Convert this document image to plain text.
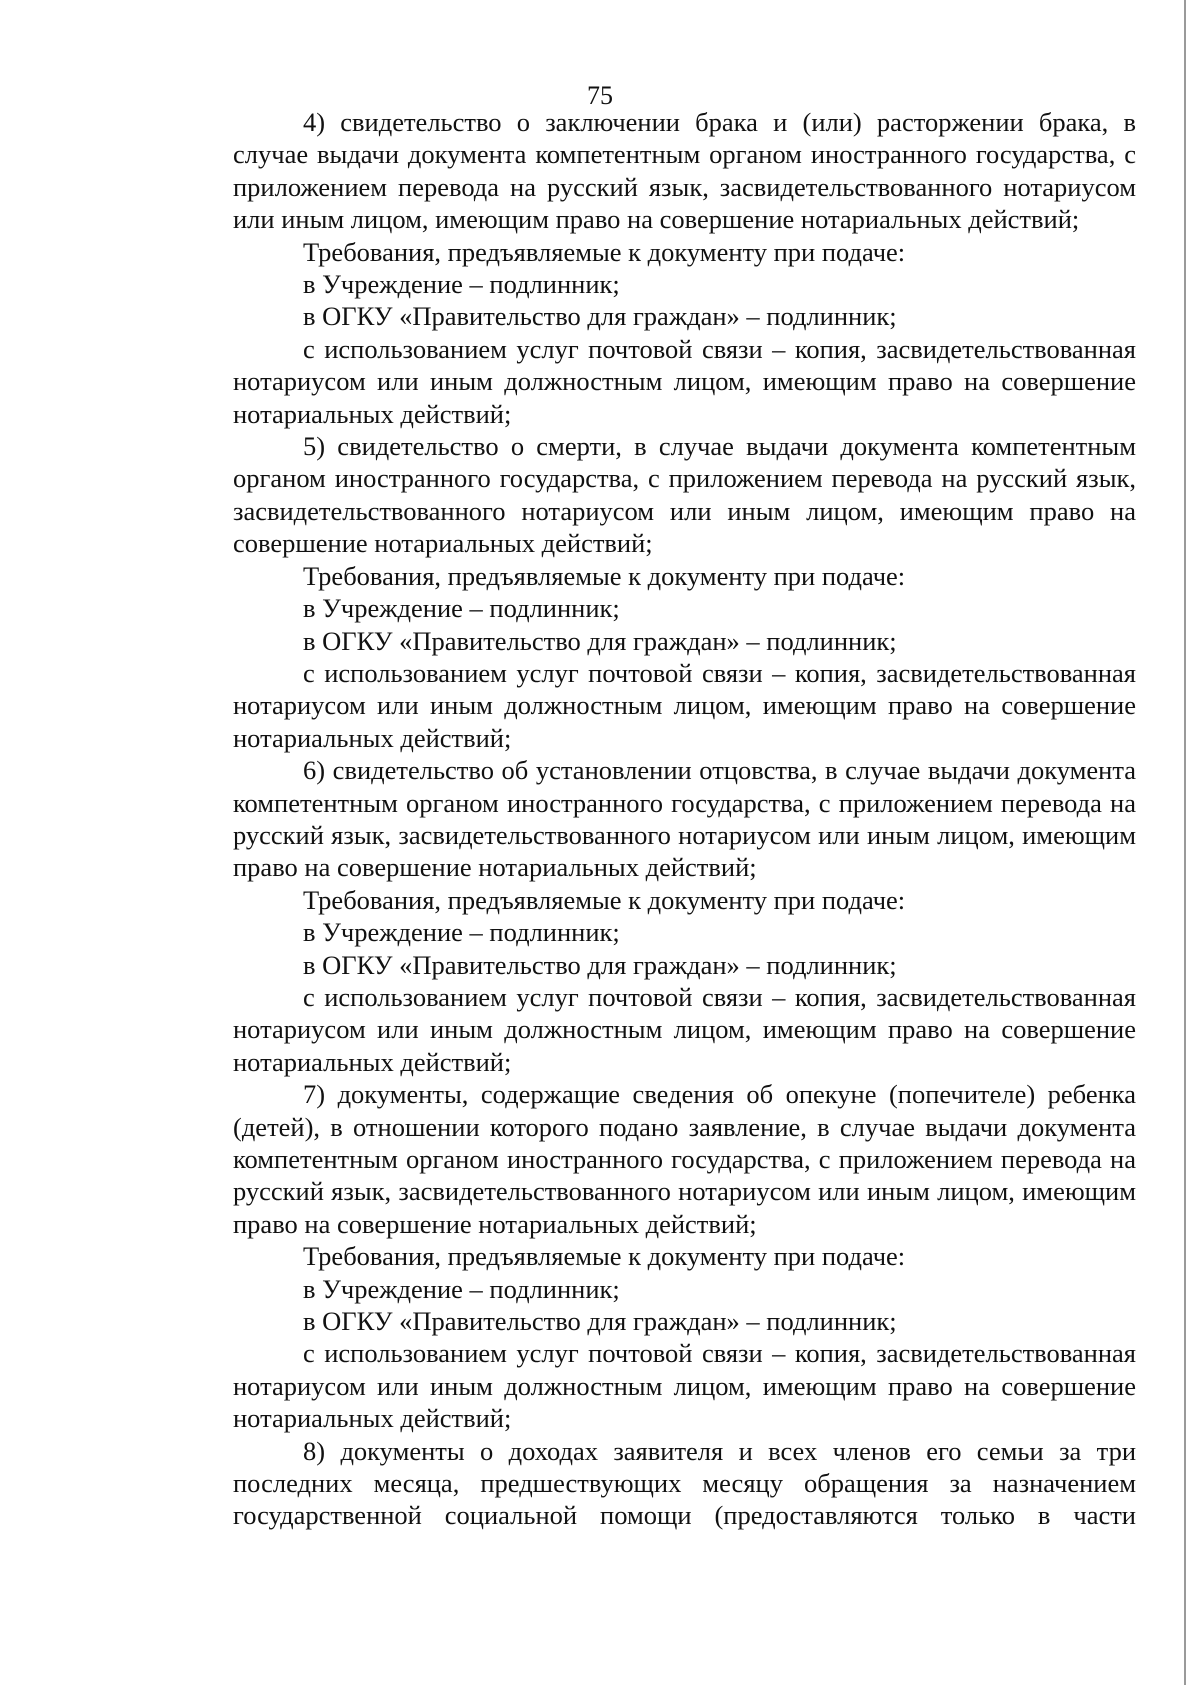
75

4) свидетельство о заключении брака и (или) расторжении брака, в случае выдачи документа компетентным органом иностранного государства, с приложением перевода на русский язык, засвидетельствованного нотариусом или иным лицом, имеющим право на совершение нотариальных действий;

Требования, предъявляемые к документу при подаче:

в Учреждение – подлинник;

в ОГКУ «Правительство для граждан» – подлинник;

с использованием услуг почтовой связи – копия, засвидетельствованная нотариусом или иным должностным лицом, имеющим право на совершение нотариальных действий;

5) свидетельство о смерти, в случае выдачи документа компетентным органом иностранного государства, с приложением перевода на русский язык, засвидетельствованного нотариусом или иным лицом, имеющим право на совершение нотариальных действий;

Требования, предъявляемые к документу при подаче:

в Учреждение – подлинник;

в ОГКУ «Правительство для граждан» – подлинник;

с использованием услуг почтовой связи – копия, засвидетельствованная нотариусом или иным должностным лицом, имеющим право на совершение нотариальных действий;

6) свидетельство об установлении отцовства, в случае выдачи документа компетентным органом иностранного государства, с приложением перевода на русский язык, засвидетельствованного нотариусом или иным лицом, имеющим право на совершение нотариальных действий;

Требования, предъявляемые к документу при подаче:

в Учреждение – подлинник;

в ОГКУ «Правительство для граждан» – подлинник;

с использованием услуг почтовой связи – копия, засвидетельствованная нотариусом или иным должностным лицом, имеющим право на совершение нотариальных действий;

7) документы, содержащие сведения об опекуне (попечителе) ребенка (детей), в отношении которого подано заявление, в случае выдачи документа компетентным органом иностранного государства, с приложением перевода на русский язык, засвидетельствованного нотариусом или иным лицом, имеющим право на совершение нотариальных действий;

Требования, предъявляемые к документу при подаче:

в Учреждение – подлинник;

в ОГКУ «Правительство для граждан» – подлинник;

с использованием услуг почтовой связи – копия, засвидетельствованная нотариусом или иным должностным лицом, имеющим право на совершение нотариальных действий;

8) документы о доходах заявителя и всех членов его семьи за три последних месяца, предшествующих месяцу обращения за назначением государственной социальной помощи (предоставляются только в части
